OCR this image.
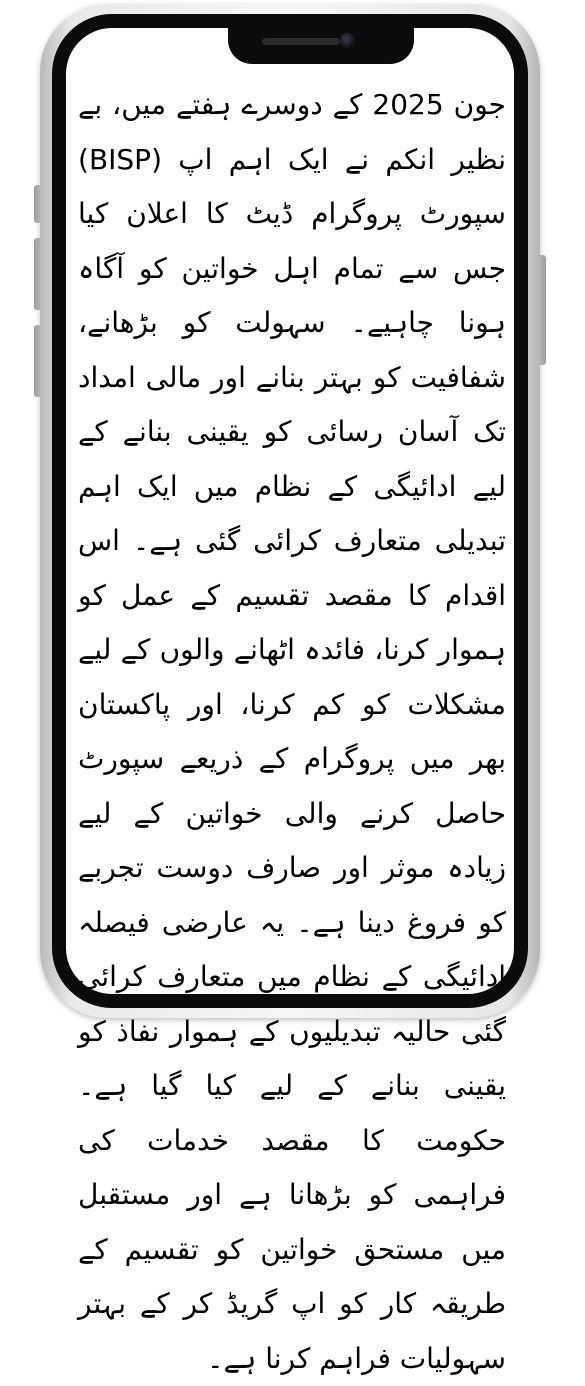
جون 2025 کے دوسرے ہفتے میں، بے نظیر انکم نے ایک اہم اپ (BISP) سپورٹ پروگرام ڈیٹ کا اعلان کیا جس سے تمام اہل خواتین کو آگاہ ہونا چاہیے۔ سہولت کو بڑھانے، شفافیت کو بہتر بنانے اور مالی امداد تک آسان رسائی کو یقینی بنانے کے لیے ادائیگی کے نظام میں ایک اہم تبدیلی متعارف کرائی گئی ہے۔ اس اقدام کا مقصد تقسیم کے عمل کو ہموار کرنا، فائدہ اٹھانے والوں کے لیے مشکلات کو کم کرنا، اور پاکستان بھر میں پروگرام کے ذریعے سپورٹ حاصل کرنے والی خواتین کے لیے زیادہ موثر اور صارف دوست تجربے کو فروغ دینا ہے۔ یہ عارضی فیصلہ ادائیگی کے نظام میں متعارف کرائی گئی حالیہ تبدیلیوں کے ہموار نفاذ کو یقینی بنانے کے لیے کیا گیا ہے۔ حکومت کا مقصد خدمات کی فراہمی کو بڑھانا ہے اور مستقبل میں مستحق خواتین کو تقسیم کے طریقہ کار کو اپ گریڈ کر کے بہتر سہولیات فراہم کرنا ہے۔
